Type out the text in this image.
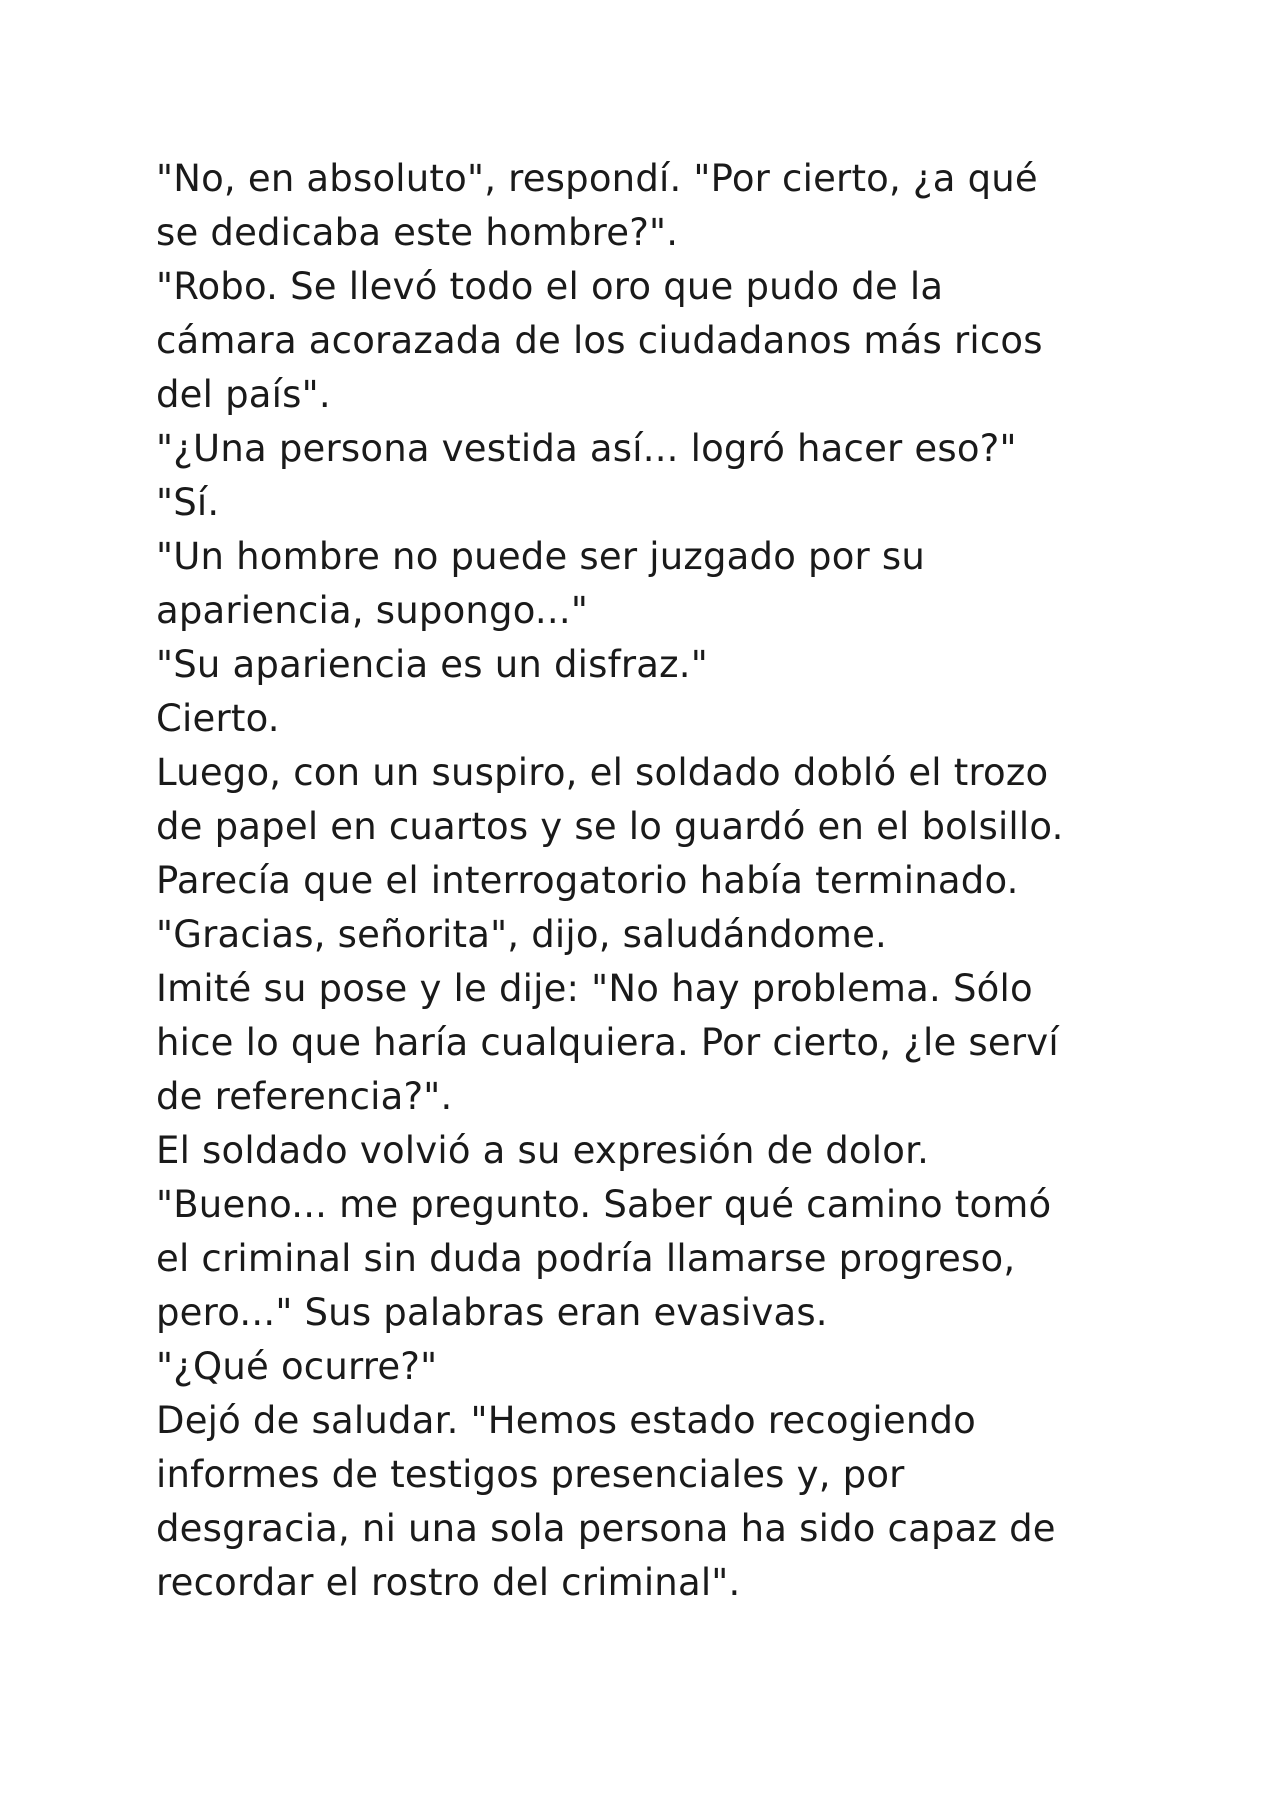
"No, en absoluto", respondí. "Por cierto, ¿a qué
se dedicaba este hombre?".
"Robo. Se llevó todo el oro que pudo de la
cámara acorazada de los ciudadanos más ricos
del país".
"¿Una persona vestida así... logró hacer eso?"
"Sí.
"Un hombre no puede ser juzgado por su
apariencia, supongo..."
"Su apariencia es un disfraz."
Cierto.
Luego, con un suspiro, el soldado dobló el trozo
de papel en cuartos y se lo guardó en el bolsillo.
Parecía que el interrogatorio había terminado.
"Gracias, señorita", dijo, saludándome.
Imité su pose y le dije: "No hay problema. Sólo
hice lo que haría cualquiera. Por cierto, ¿le serví
de referencia?".
El soldado volvió a su expresión de dolor.
"Bueno... me pregunto. Saber qué camino tomó
el criminal sin duda podría llamarse progreso,
pero..." Sus palabras eran evasivas.
"¿Qué ocurre?"
Dejó de saludar. "Hemos estado recogiendo
informes de testigos presenciales y, por
desgracia, ni una sola persona ha sido capaz de
recordar el rostro del criminal".
